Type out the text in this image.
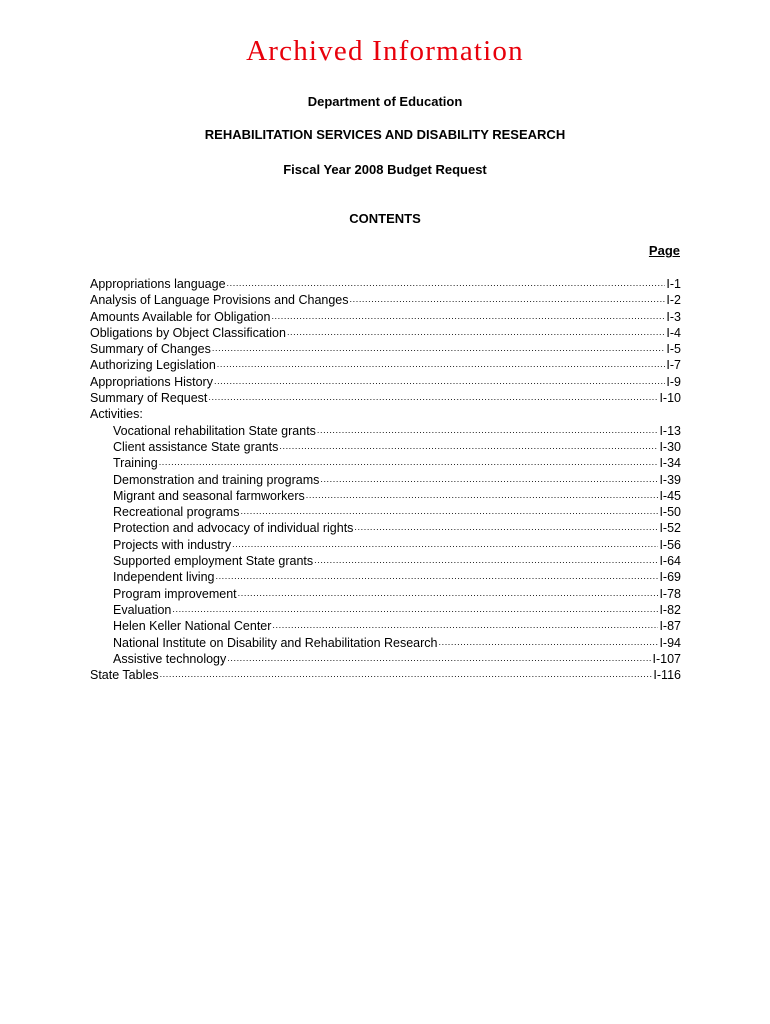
Archived Information
Department of Education
REHABILITATION SERVICES AND DISABILITY RESEARCH
Fiscal Year 2008 Budget Request
CONTENTS
Page
Appropriations language .....	I-1
Analysis of Language Provisions and Changes .....	I-2
Amounts Available for Obligation .....	I-3
Obligations by Object Classification .....	I-4
Summary of Changes .....	I-5
Authorizing Legislation .....	I-7
Appropriations History .....	I-9
Summary of Request .....	I-10
Activities:
Vocational rehabilitation State grants .....	I-13
Client assistance State grants .....	I-30
Training .....	I-34
Demonstration and training programs .....	I-39
Migrant and seasonal farmworkers .....	I-45
Recreational programs .....	I-50
Protection and advocacy of individual rights .....	I-52
Projects with industry .....	I-56
Supported employment State grants .....	I-64
Independent living .....	I-69
Program improvement .....	I-78
Evaluation .....	I-82
Helen Keller National Center .....	I-87
National Institute on Disability and Rehabilitation Research .....	I-94
Assistive technology .....	I-107
State Tables .....	I-116
